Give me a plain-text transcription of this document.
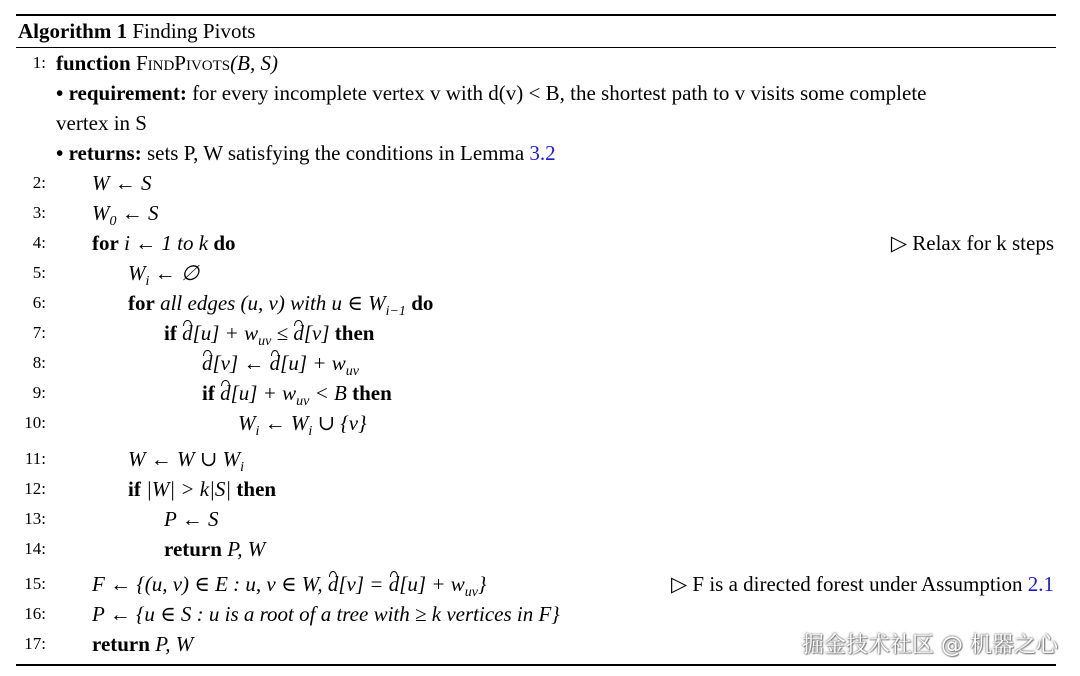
Algorithm 1 Finding Pivots
1: function FindPivots(B, S)
• requirement: for every incomplete vertex v with d(v) < B, the shortest path to v visits some complete
vertex in S
• returns: sets P, W satisfying the conditions in Lemma 3.2
2: W ← S
3: $W_0$ ← S
4: for i ← 1 to k do	▷ Relax for k steps
5:	$W_i$ ← ∅
6:	for all edges (u, v) with u ∈ $W_{i-1}$ do
7:	if $d[u] + w_{uv} \le d[v]$ then
8:	d[v] ← $d[u] + w_{uv}$
9:	if $d[u] + w_{uv} < B$ then
10:	$W_i$ ← $W_i$ ∪ {v}
11:	W ← W ∪ $W_i$
12:	if |W| > k|S| then
13:	P ← S
14:	return P, W
15: F ← {(u, v) ∈ E : u, v ∈ W, $d[v] = d[u] + w_{uv}$}	▷ F is a directed forest under Assumption 2.1
16: P ← {u ∈ S : u is a root of a tree with ≥ k vertices in F}
17: return P, W	掘金技术社区 @ 机器之心
